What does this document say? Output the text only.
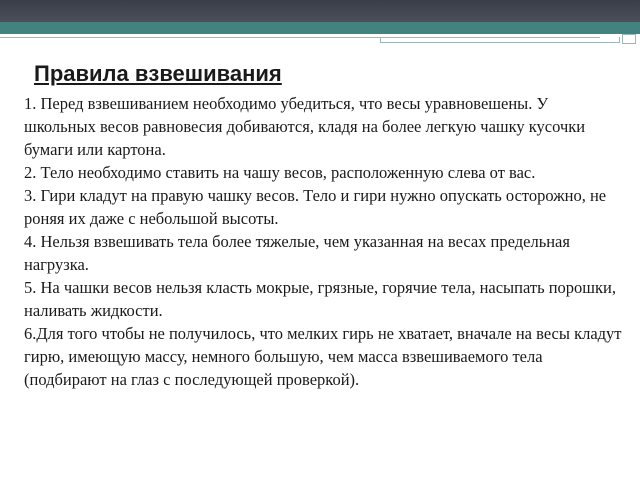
Правила взвешивания

1. Перед взвешиванием необходимо убедиться, что весы уравновешены. У школьных весов равновесия добиваются, кладя на более легкую чашку кусочки бумаги или картона.

2. Тело необходимо ставить на чашу весов, расположенную слева от вас.

3. Гири кладут на правую чашку весов. Тело и гири нужно опускать осторожно, не роняя их даже с небольшой высоты.

4. Нельзя взвешивать тела более тяжелые, чем указанная на весах предельная нагрузка.

5. На чашки весов нельзя класть мокрые, грязные, горячие тела, насыпать порошки, наливать жидкости.

6.Для того чтобы не получилось, что мелких гирь не хватает, вначале на весы кладут гирю, имеющую массу, немного большую, чем масса взвешиваемого тела (подбирают на глаз с последующей проверкой).
